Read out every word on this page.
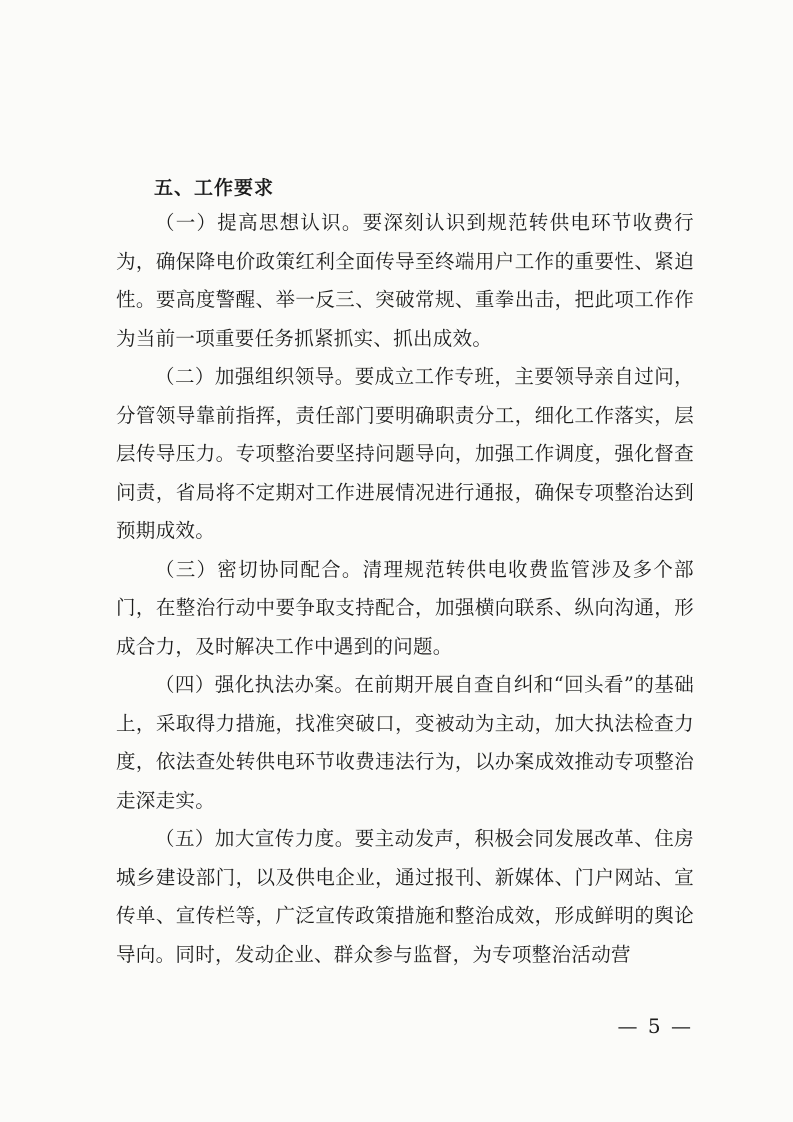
五、工作要求

（一）提高思想认识。要深刻认识到规范转供电环节收费行为，确保降电价政策红利全面传导至终端用户工作的重要性、紧迫性。要高度警醒、举一反三、突破常规、重拳出击，把此项工作作为当前一项重要任务抓紧抓实、抓出成效。

（二）加强组织领导。要成立工作专班，主要领导亲自过问，分管领导靠前指挥，责任部门要明确职责分工，细化工作落实，层层传导压力。专项整治要坚持问题导向，加强工作调度，强化督查问责，省局将不定期对工作进展情况进行通报，确保专项整治达到预期成效。

（三）密切协同配合。清理规范转供电收费监管涉及多个部门，在整治行动中要争取支持配合，加强横向联系、纵向沟通，形成合力，及时解决工作中遇到的问题。

（四）强化执法办案。在前期开展自查自纠和“回头看”的基础上，采取得力措施，找准突破口，变被动为主动，加大执法检查力度，依法查处转供电环节收费违法行为，以办案成效推动专项整治走深走实。

（五）加大宣传力度。要主动发声，积极会同发展改革、住房城乡建设部门，以及供电企业，通过报刊、新媒体、门户网站、宣传单、宣传栏等，广泛宣传政策措施和整治成效，形成鲜明的舆论导向。同时，发动企业、群众参与监督，为专项整治活动营

— 5 —
